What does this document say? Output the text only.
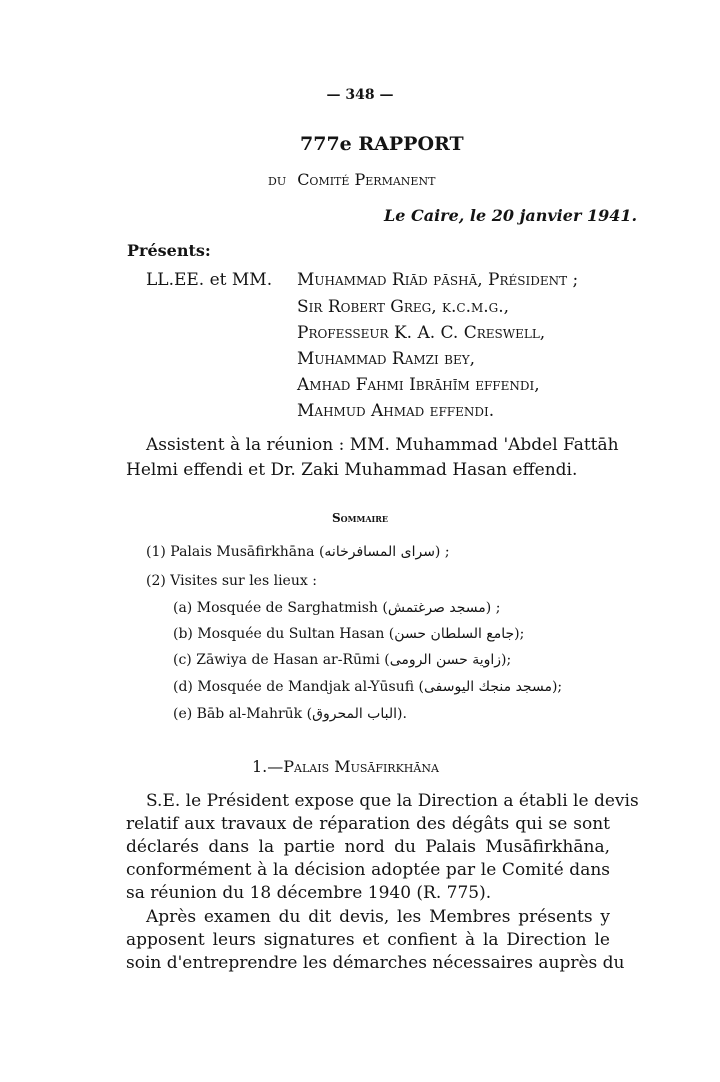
— 348 —
777e RAPPORT
du Comité Permanent
Le Caire, le 20 janvier 1941.
Présents:
LL.EE. et MM. Muhammad Riād pāshā, Président ;
Sir Robert Greg, k.c.m.g.,
Professeur K. A. C. Creswell,
Muhammad Ramzi bey,
Amhad Fahmi Ibrāhīm effendi,
Mahmud Ahmad effendi.
Assistent à la réunion : MM. Muhammad 'Abdel Fattāh
Helmi effendi et Dr. Zaki Muhammad Hasan effendi.
Sommaire
(1) Palais Musāfirkhāna (سراى المسافرخانه) ;
(2) Visites sur les lieux :
(a) Mosquée de Sarghatmish (مسجد صرغتمش) ;
(b) Mosquée du Sultan Hasan (جامع السلطان حسن);
(c) Zāwiya de Hasan ar-Rūmi (زاوية حسن الرومى);
(d) Mosquée de Mandjak al-Yūsufi (مسجد منجك اليوسفى);
(e) Bāb al-Mahrūk (الباب المحروق).
1.—Palais Musāfirkhāna
S.E. le Président expose que la Direction a établi le devis
relatif aux travaux de réparation des dégâts qui se sont
déclarés dans la partie nord du Palais Musāfirkhāna,
conformément à la décision adoptée par le Comité dans
sa réunion du 18 décembre 1940 (R. 775).
Après examen du dit devis, les Membres présents y
apposent leurs signatures et confient à la Direction le
soin d'entreprendre les démarches nécessaires auprès du
